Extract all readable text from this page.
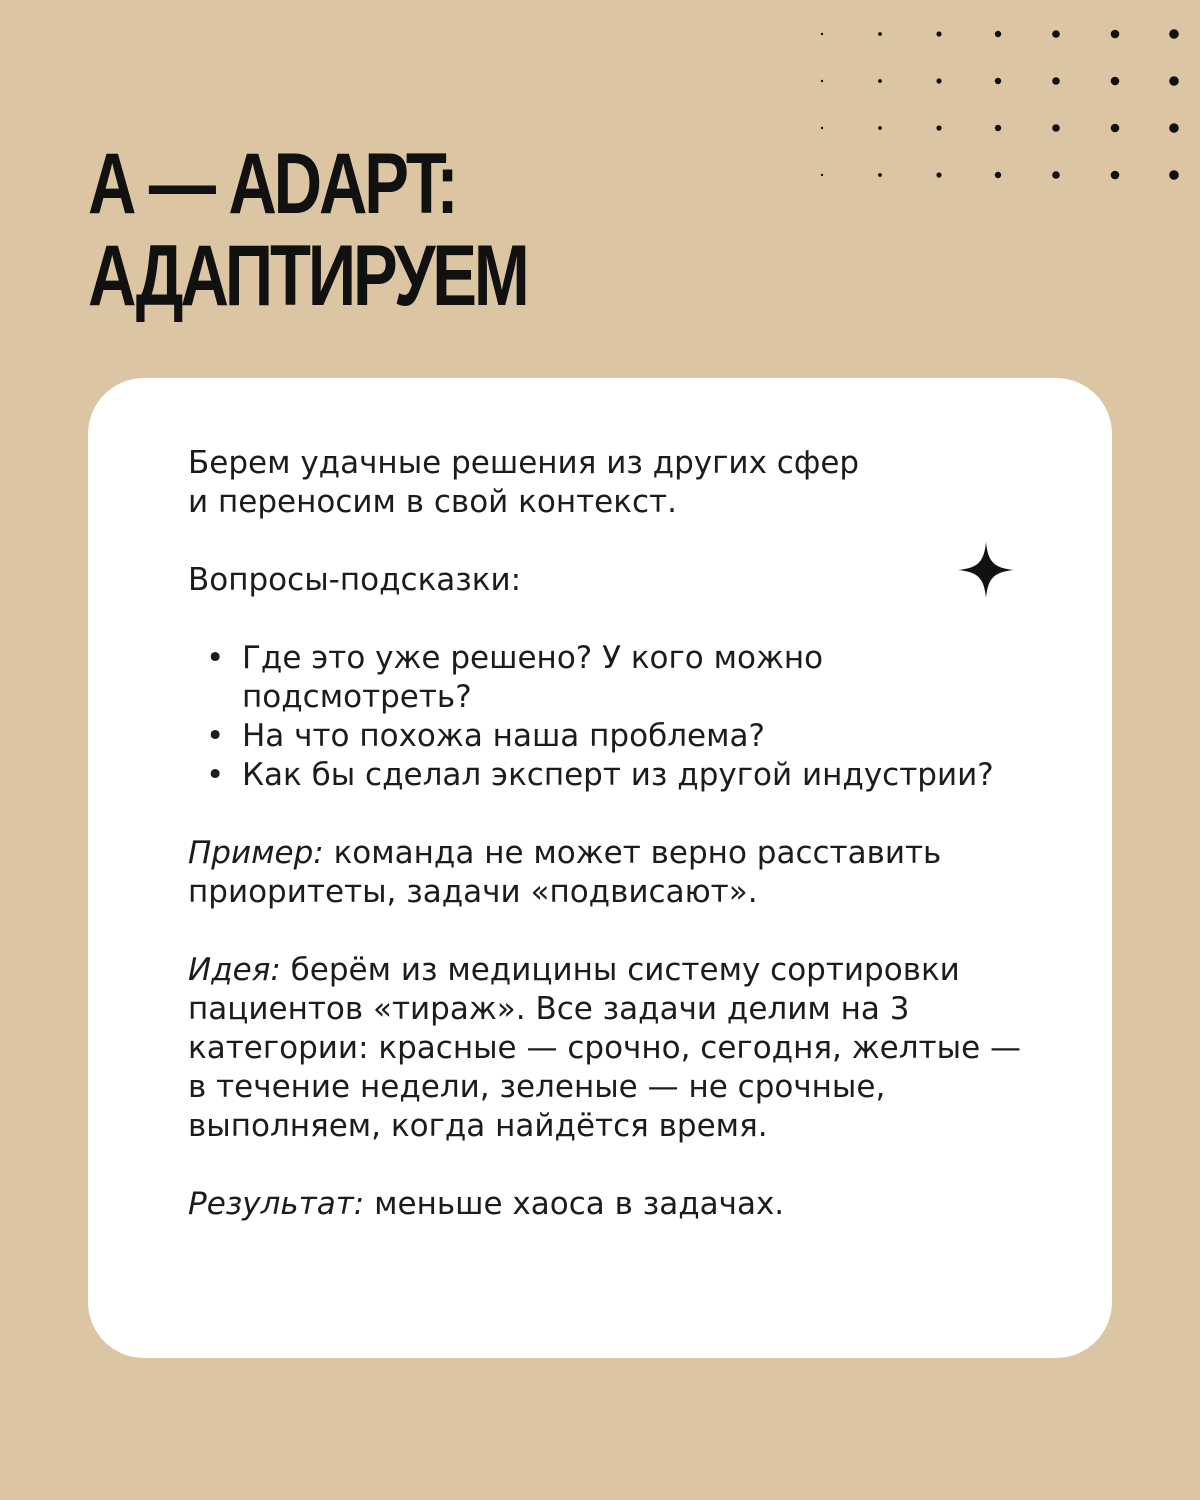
А — ADAPT:
АДАПТИРУЕМ

Берем удачные решения из других сфер
и переносим в свой контекст.

Вопросы-подсказки:

• Где это уже решено? У кого можно подсмотреть?
• На что похожа наша проблема?
• Как бы сделал эксперт из другой индустрии?

Пример: команда не может верно расставить приоритеты, задачи «подвисают».

Идея: берём из медицины систему сортировки пациентов «тираж». Все задачи делим на 3 категории: красные — срочно, сегодня, желтые — в течение недели, зеленые — не срочные, выполняем, когда найдётся время.

Результат: меньше хаоса в задачах.
